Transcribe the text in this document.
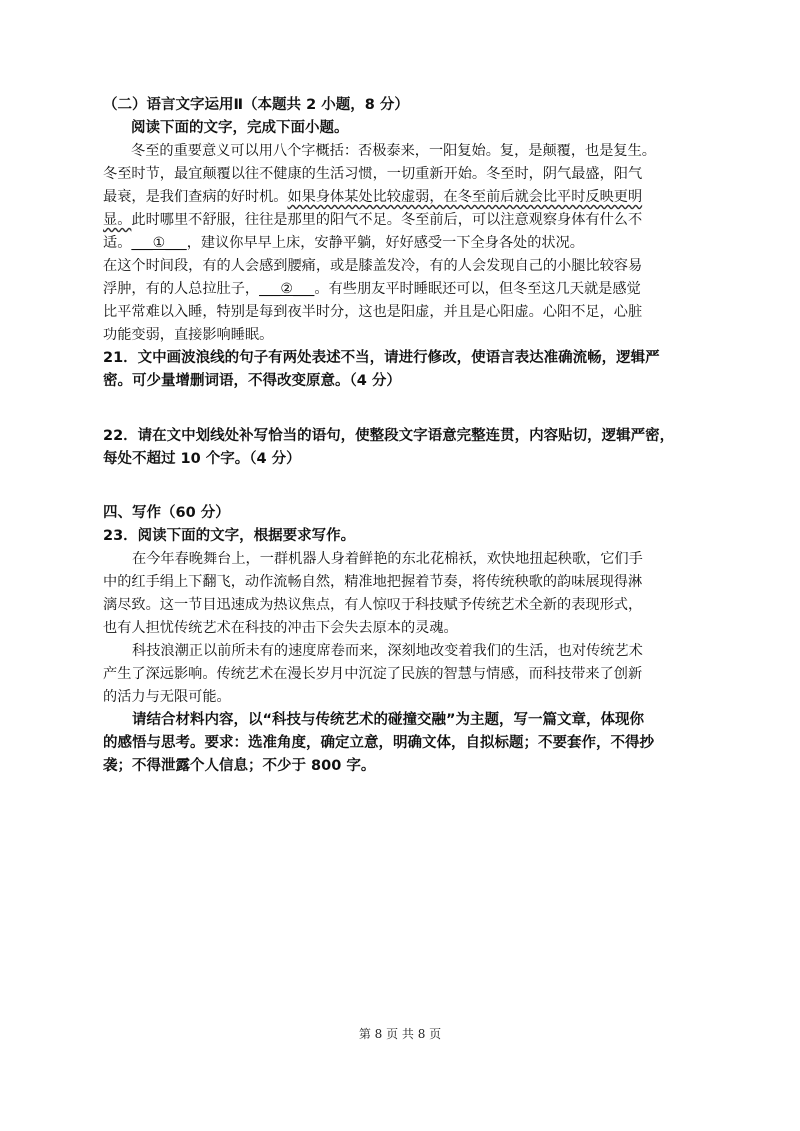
（二）语言文字运用Ⅱ（本题共 2 小题，8 分）
阅读下面的文字，完成下面小题。
冬至的重要意义可以用八个字概括：否极泰来，一阳复始。复，是颠覆，也是复生。
冬至时节，最宜颠覆以往不健康的生活习惯，一切重新开始。冬至时，阴气最盛，阳气
最衰，是我们查病的好时机。如果身体某处比较虚弱，在冬至前后就会比平时反映更明
显。此时哪里不舒服，往往是那里的阳气不足。冬至前后，可以注意观察身体有什么不
适。___①___，建议你早早上床，安静平躺，好好感受一下全身各处的状况。
在这个时间段，有的人会感到腰痛，或是膝盖发冷，有的人会发现自己的小腿比较容易
浮肿，有的人总拉肚子，___②___。有些朋友平时睡眠还可以，但冬至这几天就是感觉
比平常难以入睡，特别是每到夜半时分，这也是阳虚，并且是心阳虚。心阳不足，心脏
功能变弱，直接影响睡眠。
21．文中画波浪线的句子有两处表述不当，请进行修改，使语言表达准确流畅，逻辑严
密。可少量增删词语，不得改变原意。（4 分）
22．请在文中划线处补写恰当的语句，使整段文字语意完整连贯，内容贴切，逻辑严密，
每处不超过 10 个字。（4 分）
四、写作（60 分）
23．阅读下面的文字，根据要求写作。
在今年春晚舞台上，一群机器人身着鲜艳的东北花棉袄，欢快地扭起秧歌，它们手
中的红手绢上下翻飞，动作流畅自然，精准地把握着节奏，将传统秧歌的韵味展现得淋
漓尽致。这一节目迅速成为热议焦点，有人惊叹于科技赋予传统艺术全新的表现形式，
也有人担忧传统艺术在科技的冲击下会失去原本的灵魂。
科技浪潮正以前所未有的速度席卷而来，深刻地改变着我们的生活，也对传统艺术
产生了深远影响。传统艺术在漫长岁月中沉淀了民族的智慧与情感，而科技带来了创新
的活力与无限可能。
请结合材料内容，以“科技与传统艺术的碰撞交融”为主题，写一篇文章，体现你
的感悟与思考。要求：选准角度，确定立意，明确文体，自拟标题；不要套作，不得抄
袭；不得泄露个人信息；不少于 800 字。
第 8 页 共 8 页
